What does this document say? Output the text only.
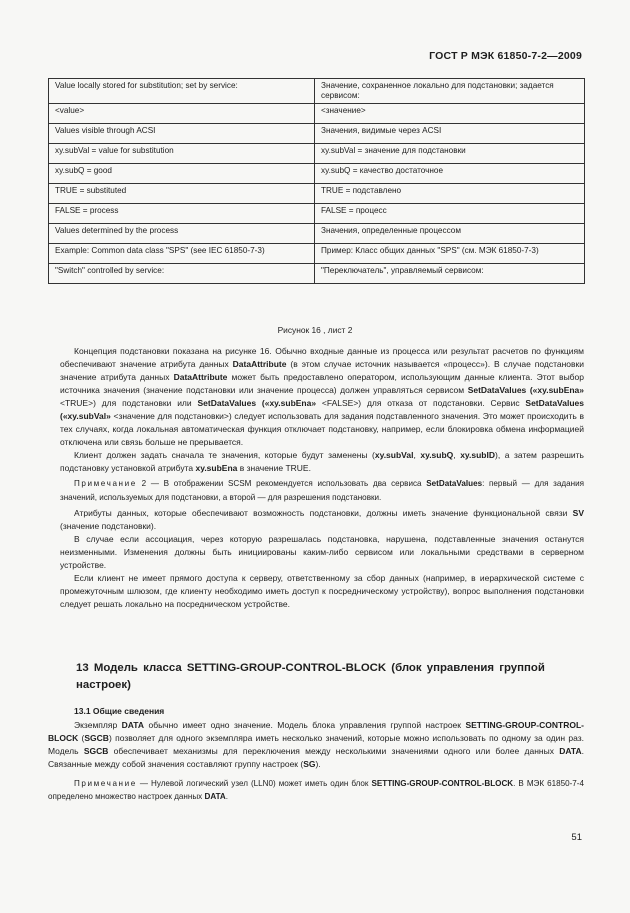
ГОСТ Р МЭК 61850-7-2—2009
Value locally stored for substitution; set by service:	Значение, сохраненное локально для подстановки; задается сервисом:
<value>	<значение>
Values visible through ACSI	Значения, видимые через ACSI
xy.subVal = value for substitution	xy.subVal = значение для подстановки
xy.subQ = good	xy.subQ = качество достаточное
TRUE = substituted	TRUE = подставлено
FALSE = process	FALSE = процесс
Values determined by the process	Значения, определенные процессом
Example: Common data class "SPS" (see IEC 61850-7-3)	Пример: Класс общих данных "SPS" (см. МЭК 61850-7-3)
"Switch" controlled by service:	"Переключатель", управляемый сервисом:
Рисунок 16 , лист 2

Концепция подстановки показана на рисунке 16. Обычно входные данные из процесса или результат расчетов по функциям обеспечивают значение атрибута данных DataAttribute (в этом случае источник называется «процесс»). В случае подстановки значение атрибута данных DataAttribute может быть предоставлено оператором, использующим данные клиента. Этот выбор источника значения (значение подстановки или значение процесса) должен управляться сервисом SetDataValues («xy.subEna» <TRUE>) для подстановки или SetDataValues («xy.subEna» <FALSE>) для отказа от подстановки. Сервис SetDataValues («xy.subVal» <значение для подстановки>) следует использовать для задания подставленного значения. Это может происходить в тех случаях, когда локальная автоматическая функция отключает подстановку, например, если блокировка обмена информацией отключена или связь больше не прерывается.

Клиент должен задать сначала те значения, которые будут заменены (xy.subVal, xy.subQ, xy.subID), а затем разрешить подстановку установкой атрибута xy.subEna в значение TRUE.

Примечание 2 — В отображении SCSM рекомендуется использовать два сервиса SetDataValues: первый — для задания значений, используемых для подстановки, а второй — для разрешения подстановки.

Атрибуты данных, которые обеспечивают возможность подстановки, должны иметь значение функциональной связи SV (значение подстановки).

В случае если ассоциация, через которую разрешалась подстановка, нарушена, подставленные значения останутся неизменными. Изменения должны быть инициированы каким-либо сервисом или локальными средствами в серверном устройстве.

Если клиент не имеет прямого доступа к серверу, ответственному за сбор данных (например, в иерархической системе с промежуточным шлюзом, где клиенту необходимо иметь доступ к посредническому устройству), вопрос выполнения подстановки следует решать локально на посредническом устройстве.

13 Модель класса SETTING-GROUP-CONTROL-BLOCK (блок управления группой настроек)

13.1 Общие сведения

Экземпляр DATA обычно имеет одно значение. Модель блока управления группой настроек SETTING-GROUP-CONTROL-BLOCK (SGCB) позволяет для одного экземпляра иметь несколько значений, которые можно использовать по одному за один раз. Модель SGCB обеспечивает механизмы для переключения между несколькими значениями одного или более данных DATA. Связанные между собой значения составляют группу настроек (SG).

Примечание — Нулевой логический узел (LLN0) может иметь один блок SETTING-GROUP-CONTROL-BLOCK. В МЭК 61850-7-4 определено множество настроек данных DATA.

51
